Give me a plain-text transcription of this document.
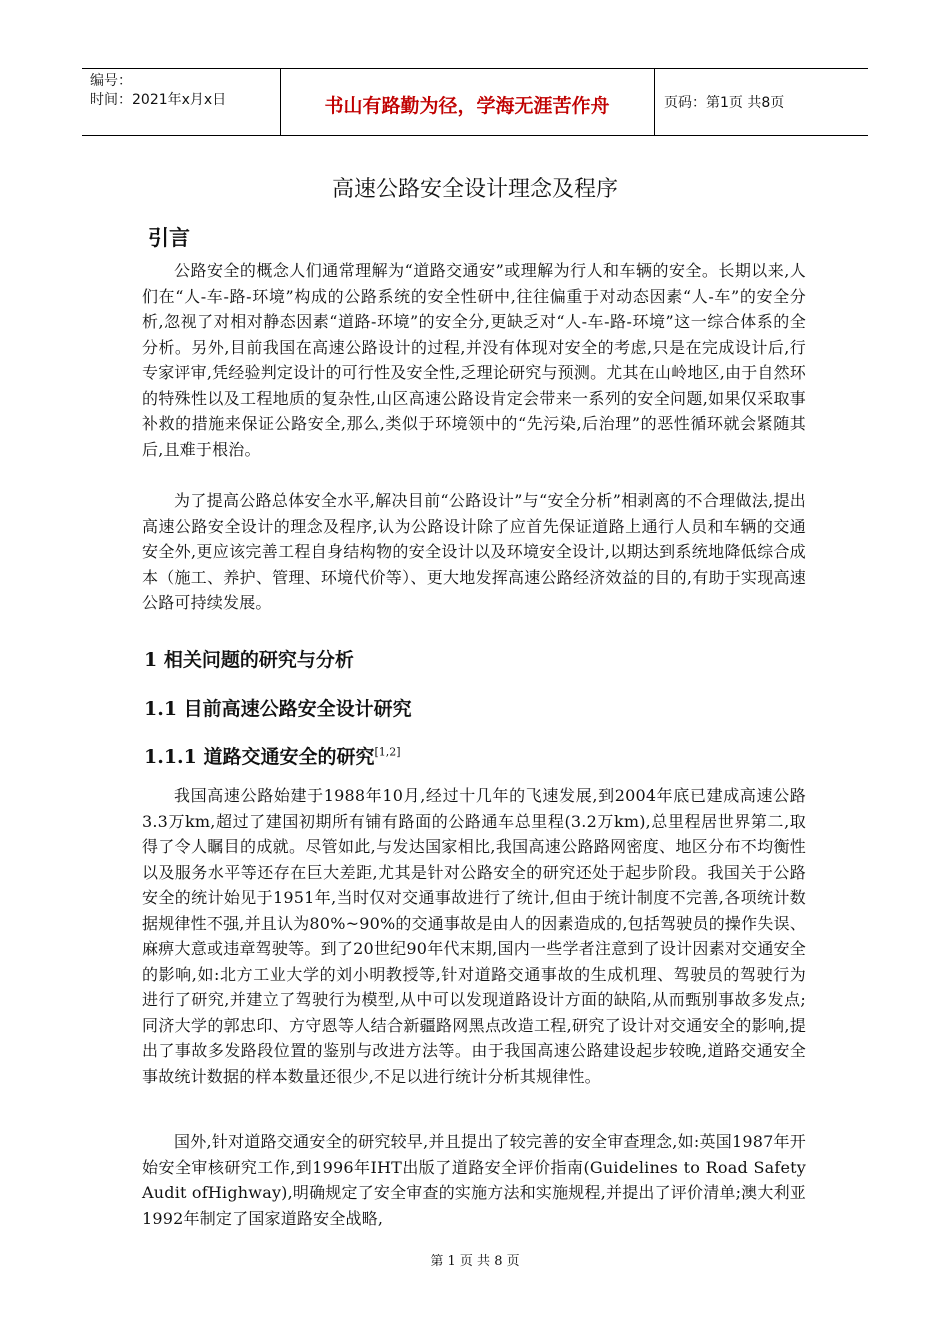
编号：
时间：2021年x月x日	书山有路勤为径，学海无涯苦作舟	页码：第1页 共8页
高速公路安全设计理念及程序
引言

公路安全的概念人们通常理解为“道路交通安”或理解为行人和车辆的安全。长期以来,人们在“人-车-路-环境”构成的公路系统的安全性研中,往往偏重于对动态因素“人-车”的安全分析,忽视了对相对静态因素“道路-环境”的安全分,更缺乏对“人-车-路-环境”这一综合体系的全分析。另外,目前我国在高速公路设计的过程,并没有体现对安全的考虑,只是在完成设计后,行专家评审,凭经验判定设计的可行性及安全性,乏理论研究与预测。尤其在山岭地区,由于自然环的特殊性以及工程地质的复杂性,山区高速公路设肯定会带来一系列的安全问题,如果仅采取事补救的措施来保证公路安全,那么,类似于环境领中的“先污染,后治理”的恶性循环就会紧随其后,且难于根治。

为了提高公路总体安全水平,解决目前“公路设计”与“安全分析”相剥离的不合理做法,提出高速公路安全设计的理念及程序,认为公路设计除了应首先保证道路上通行人员和车辆的交通安全外,更应该完善工程自身结构物的安全设计以及环境安全设计,以期达到系统地降低综合成本（施工、养护、管理、环境代价等）、更大地发挥高速公路经济效益的目的,有助于实现高速公路可持续发展。

1 相关问题的研究与分析
1.1 目前高速公路安全设计研究
1.1.1 道路交通安全的研究[1,2]

我国高速公路始建于1988年10月,经过十几年的飞速发展,到2004年底已建成高速公路3.3万km,超过了建国初期所有铺有路面的公路通车总里程(3.2万km),总里程居世界第二,取得了令人瞩目的成就。尽管如此,与发达国家相比,我国高速公路路网密度、地区分布不均衡性以及服务水平等还存在巨大差距,尤其是针对公路安全的研究还处于起步阶段。我国关于公路安全的统计始见于1951年,当时仅对交通事故进行了统计,但由于统计制度不完善,各项统计数据规律性不强,并且认为80%~90%的交通事故是由人的因素造成的,包括驾驶员的操作失误、麻痹大意或违章驾驶等。到了20世纪90年代末期,国内一些学者注意到了设计因素对交通安全的影响,如:北方工业大学的刘小明教授等,针对道路交通事故的生成机理、驾驶员的驾驶行为进行了研究,并建立了驾驶行为模型,从中可以发现道路设计方面的缺陷,从而甄别事故多发点;同济大学的郭忠印、方守恩等人结合新疆路网黑点改造工程,研究了设计对交通安全的影响,提出了事故多发路段位置的鉴别与改进方法等。由于我国高速公路建设起步较晚,道路交通安全事故统计数据的样本数量还很少,不足以进行统计分析其规律性。

国外,针对道路交通安全的研究较早,并且提出了较完善的安全审查理念,如:英国1987年开始安全审核研究工作,到1996年IHT出版了道路安全评价指南(Guidelines to Road Safety Audit ofHighway),明确规定了安全审查的实施方法和实施规程,并提出了评价清单;澳大利亚1992年制定了国家道路安全战略,

第 1 页 共 8 页
